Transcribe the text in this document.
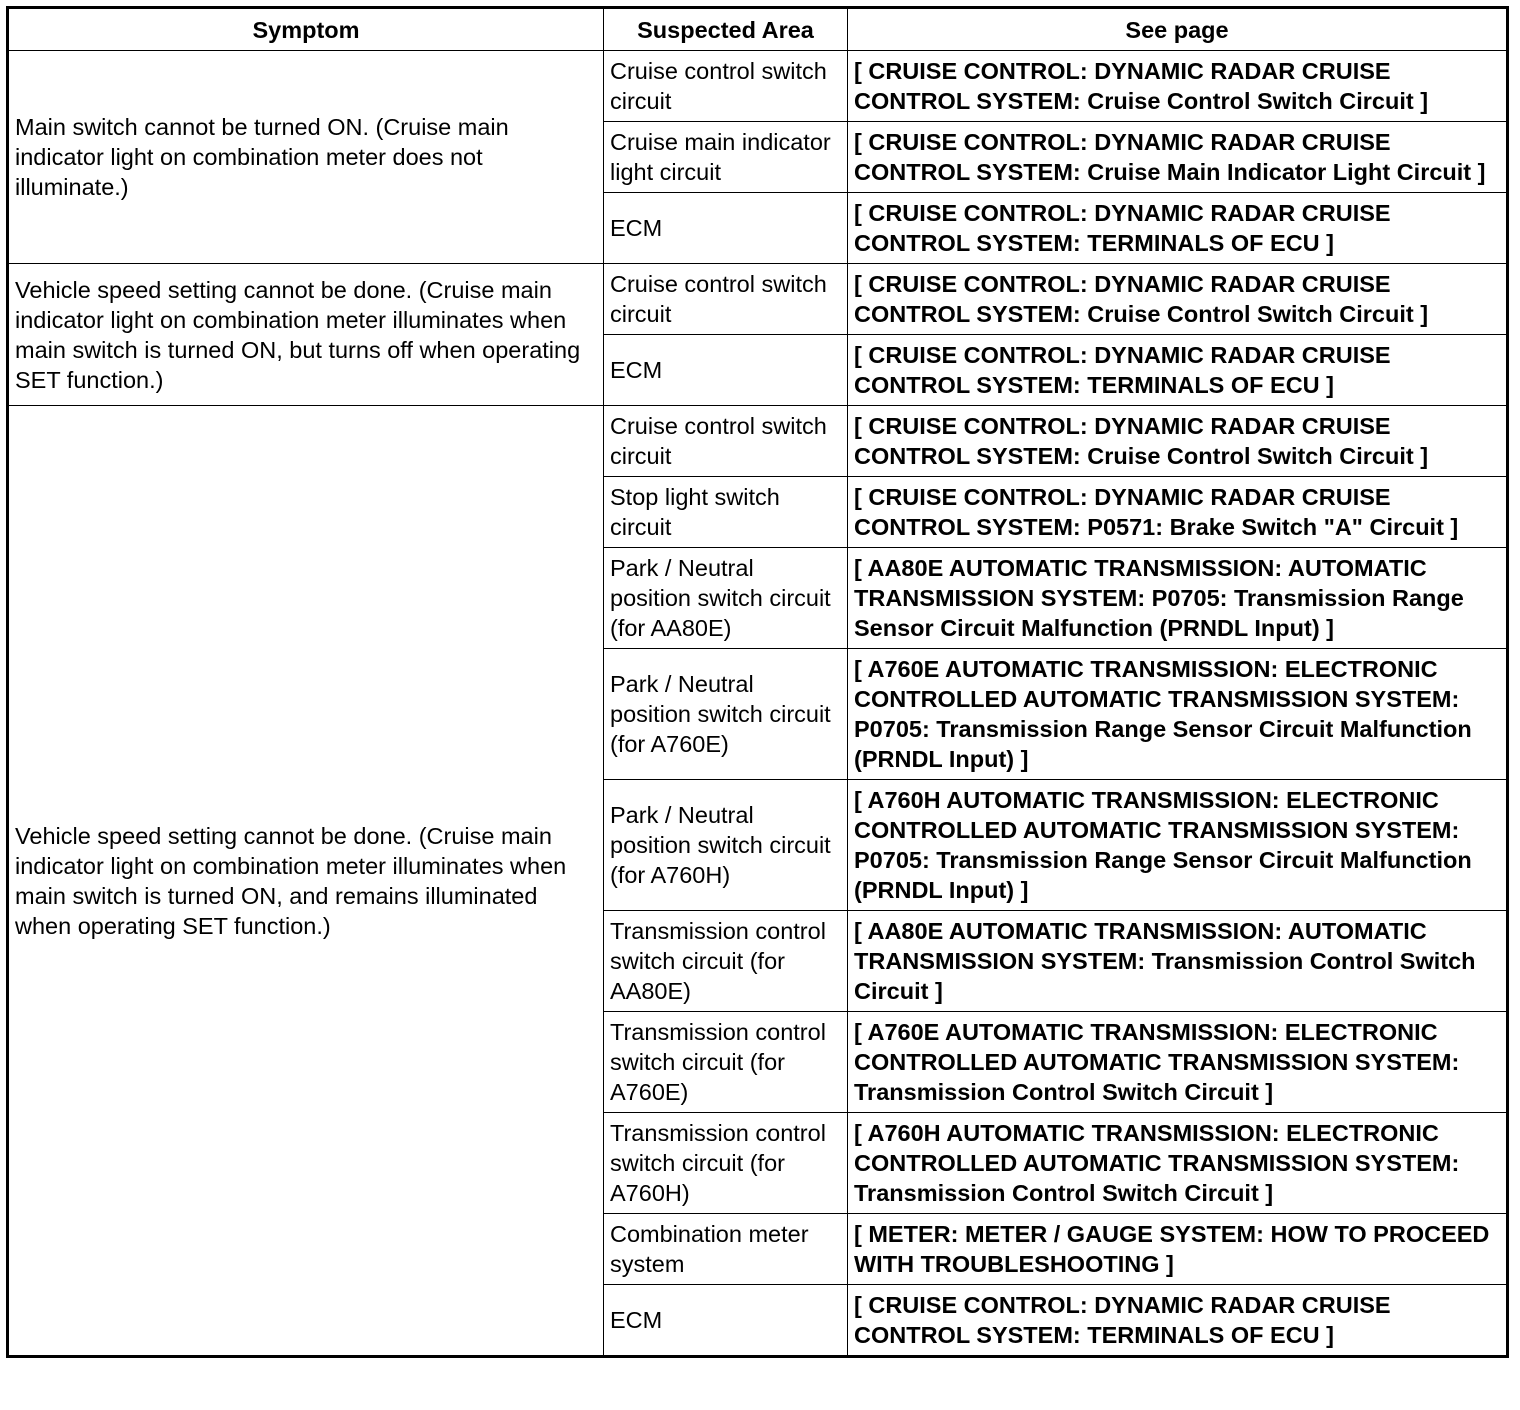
Symptom	Suspected Area	See page
Main switch cannot be turned ON. (Cruise main indicator light on combination meter does not illuminate.)	Cruise control switch circuit	[ CRUISE CONTROL: DYNAMIC RADAR CRUISE CONTROL SYSTEM: Cruise Control Switch Circuit ]
	Cruise main indicator light circuit	[ CRUISE CONTROL: DYNAMIC RADAR CRUISE CONTROL SYSTEM: Cruise Main Indicator Light Circuit ]
	ECM	[ CRUISE CONTROL: DYNAMIC RADAR CRUISE CONTROL SYSTEM: TERMINALS OF ECU ]
Vehicle speed setting cannot be done. (Cruise main indicator light on combination meter illuminates when main switch is turned ON, but turns off when operating SET function.)	Cruise control switch circuit	[ CRUISE CONTROL: DYNAMIC RADAR CRUISE CONTROL SYSTEM: Cruise Control Switch Circuit ]
	ECM	[ CRUISE CONTROL: DYNAMIC RADAR CRUISE CONTROL SYSTEM: TERMINALS OF ECU ]
Vehicle speed setting cannot be done. (Cruise main indicator light on combination meter illuminates when main switch is turned ON, and remains illuminated when operating SET function.)	Cruise control switch circuit	[ CRUISE CONTROL: DYNAMIC RADAR CRUISE CONTROL SYSTEM: Cruise Control Switch Circuit ]
	Stop light switch circuit	[ CRUISE CONTROL: DYNAMIC RADAR CRUISE CONTROL SYSTEM: P0571: Brake Switch "A" Circuit ]
	Park / Neutral position switch circuit (for AA80E)	[ AA80E AUTOMATIC TRANSMISSION: AUTOMATIC TRANSMISSION SYSTEM: P0705: Transmission Range Sensor Circuit Malfunction (PRNDL Input) ]
	Park / Neutral position switch circuit (for A760E)	[ A760E AUTOMATIC TRANSMISSION: ELECTRONIC CONTROLLED AUTOMATIC TRANSMISSION SYSTEM: P0705: Transmission Range Sensor Circuit Malfunction (PRNDL Input) ]
	Park / Neutral position switch circuit (for A760H)	[ A760H AUTOMATIC TRANSMISSION: ELECTRONIC CONTROLLED AUTOMATIC TRANSMISSION SYSTEM: P0705: Transmission Range Sensor Circuit Malfunction (PRNDL Input) ]
	Transmission control switch circuit (for AA80E)	[ AA80E AUTOMATIC TRANSMISSION: AUTOMATIC TRANSMISSION SYSTEM: Transmission Control Switch Circuit ]
	Transmission control switch circuit (for A760E)	[ A760E AUTOMATIC TRANSMISSION: ELECTRONIC CONTROLLED AUTOMATIC TRANSMISSION SYSTEM: Transmission Control Switch Circuit ]
	Transmission control switch circuit (for A760H)	[ A760H AUTOMATIC TRANSMISSION: ELECTRONIC CONTROLLED AUTOMATIC TRANSMISSION SYSTEM: Transmission Control Switch Circuit ]
	Combination meter system	[ METER: METER / GAUGE SYSTEM: HOW TO PROCEED WITH TROUBLESHOOTING ]
	ECM	[ CRUISE CONTROL: DYNAMIC RADAR CRUISE CONTROL SYSTEM: TERMINALS OF ECU ]
